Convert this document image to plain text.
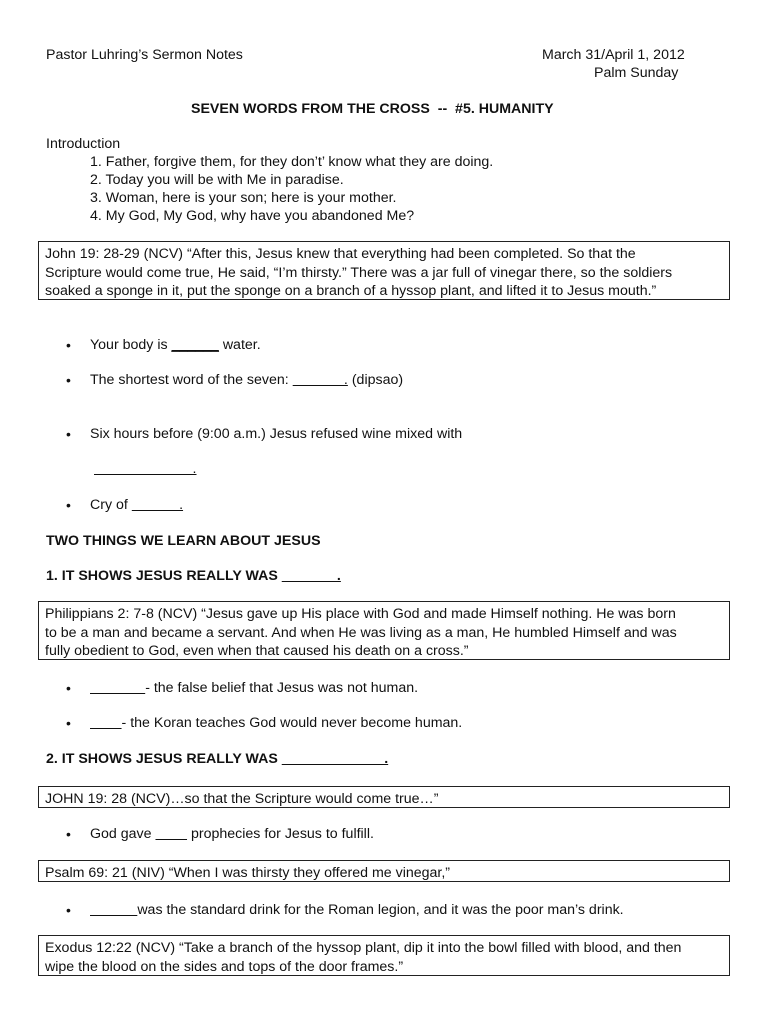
Pastor Luhring’s Sermon Notes	March 31/April 1, 2012
Palm Sunday
SEVEN WORDS FROM THE CROSS  --  #5. HUMANITY
Introduction
1. Father, forgive them, for they don’t’ know what they are doing.
2. Today you will be with Me in paradise.
3. Woman, here is your son; here is your mother.
4. My God, My God, why have you abandoned Me?
John 19: 28-29 (NCV) “After this, Jesus knew that everything had been completed. So that the
Scripture would come true, He said, “I’m thirsty.” There was a jar full of vinegar there, so the soldiers
soaked a sponge in it, put the sponge on a branch of a hyssop plant, and lifted it to Jesus mouth.”
• Your body is ______ water.
• The shortest word of the seven:              . (dipsao)
• Six hours before (9:00 a.m.) Jesus refused wine mixed with
.
• Cry of             .
TWO THINGS WE LEARN ABOUT JESUS
1. IT SHOWS JESUS REALLY WAS               .
Philippians 2: 7-8 (NCV) “Jesus gave up His place with God and made Himself nothing. He was born
to be a man and became a servant. And when He was living as a man, He humbled Himself and was
fully obedient to God, even when that caused his death on a cross.”
•	- the false belief that Jesus was not human.
•	- the Koran teaches God would never become human.
2. IT SHOWS JESUS REALLY WAS                           .
JOHN 19: 28 (NCV)…so that the Scripture would come true…”
• God gave	prophecies for Jesus to fulfill.
Psalm 69: 21 (NIV) “When I was thirsty they offered me vinegar,”
•	was the standard drink for the Roman legion, and it was the poor man’s drink.
Exodus 12:22 (NCV) “Take a branch of the hyssop plant, dip it into the bowl filled with blood, and then
wipe the blood on the sides and tops of the door frames.”
